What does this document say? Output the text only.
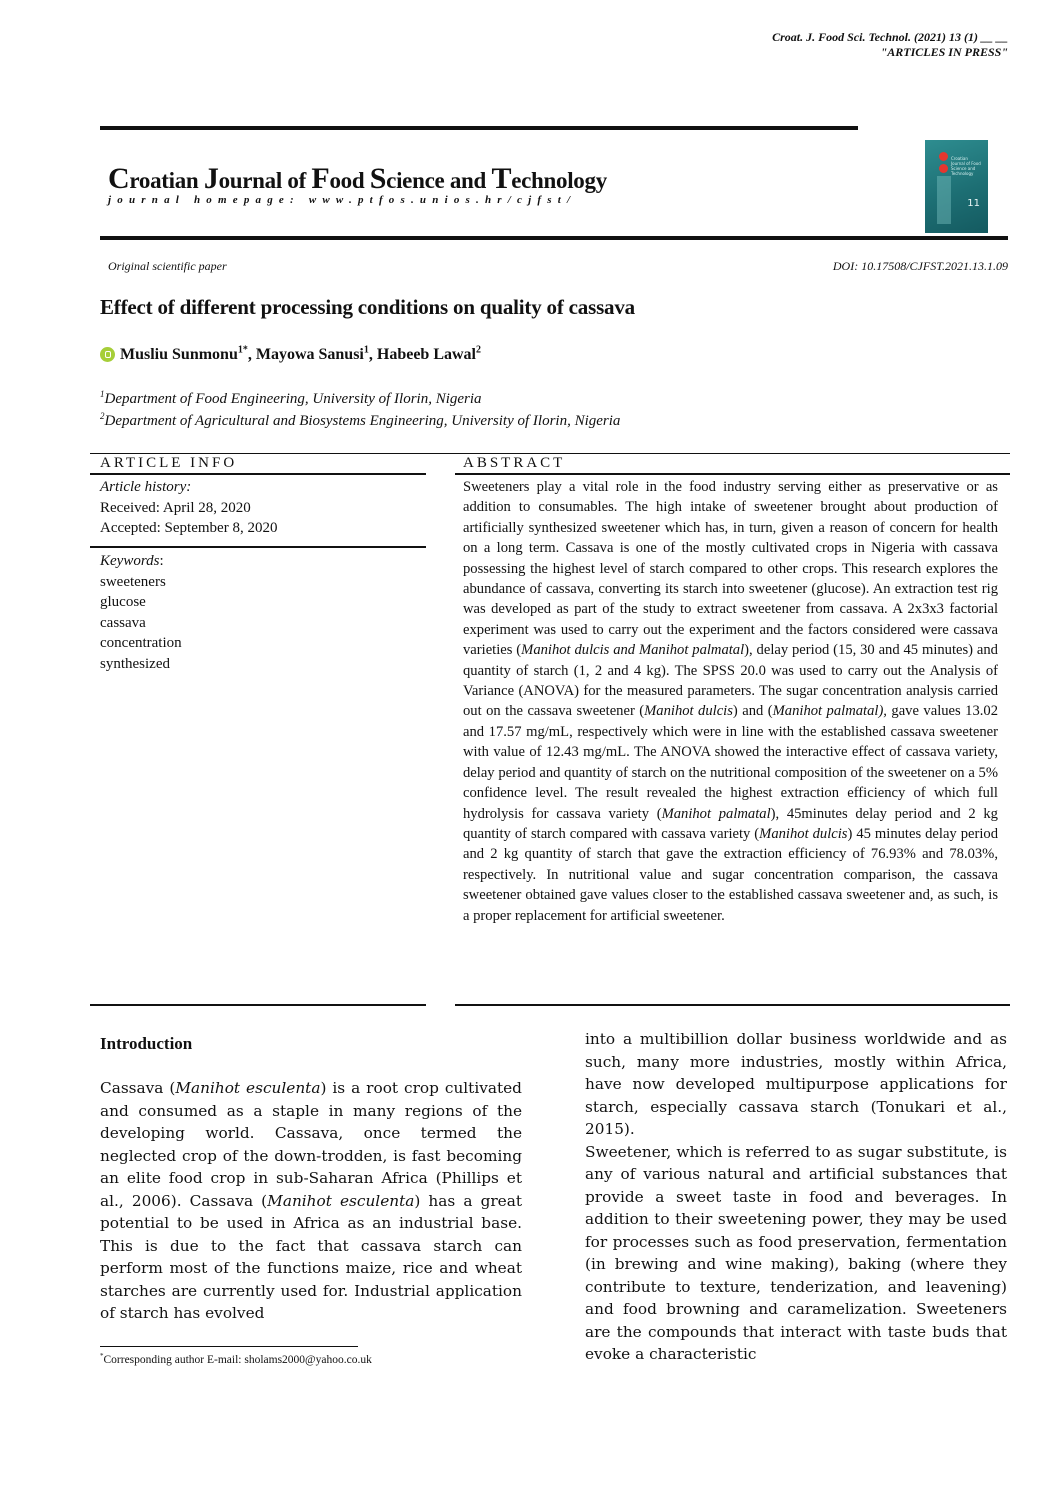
Croat. J. Food Sci. Technol. (2021) 13 (1) __ __
"ARTICLES IN PRESS"
Croatian Journal of Food Science and Technology
journal homepage: www.ptfos.unios.hr/cjfst/
Croatian Journal of Food Science and Technology
11
Original scientific paper	DOI: 10.17508/CJFST.2021.13.1.09
Effect of different processing conditions on quality of cassava
Musliu Sunmonu$^{1*}$, Mayowa Sanusi$^1$, Habeeb Lawal$^2$
$^1$Department of Food Engineering, University of Ilorin, Nigeria
$^2$Department of Agricultural and Biosystems Engineering, University of Ilorin, Nigeria
ARTICLE INFO	ABSTRACT
Article history:
Received: April 28, 2020
Accepted: September 8, 2020
Keywords:
sweeteners
glucose
cassava
concentration
synthesized
Sweeteners play a vital role in the food industry serving either as preservative or as addition to consumables. The high intake of sweetener brought about production of artificially synthesized sweetener which has, in turn, given a reason of concern for health on a long term. Cassava is one of the mostly cultivated crops in Nigeria with cassava possessing the highest level of starch compared to other crops. This research explores the abundance of cassava, converting its starch into sweetener (glucose). An extraction test rig was developed as part of the study to extract sweetener from cassava. A 2x3x3 factorial experiment was used to carry out the experiment and the factors considered were cassava varieties (Manihot dulcis and Manihot palmatal), delay period (15, 30 and 45 minutes) and quantity of starch (1, 2 and 4 kg). The SPSS 20.0 was used to carry out the Analysis of Variance (ANOVA) for the measured parameters. The sugar concentration analysis carried out on the cassava sweetener (Manihot dulcis) and (Manihot palmatal), gave values 13.02 and 17.57 mg/mL, respectively which were in line with the established cassava sweetener with value of 12.43 mg/mL. The ANOVA showed the interactive effect of cassava variety, delay period and quantity of starch on the nutritional composition of the sweetener on a 5% confidence level. The result revealed the highest extraction efficiency of which full hydrolysis for cassava variety (Manihot palmatal), 45minutes delay period and 2 kg quantity of starch compared with cassava variety (Manihot dulcis) 45 minutes delay period and 2 kg quantity of starch that gave the extraction efficiency of 76.93% and 78.03%, respectively. In nutritional value and sugar concentration comparison, the cassava sweetener obtained gave values closer to the established cassava sweetener and, as such, is a proper replacement for artificial sweetener.
Introduction

Cassava (Manihot esculenta) is a root crop cultivated and consumed as a staple in many regions of the developing world. Cassava, once termed the neglected crop of the down-trodden, is fast becoming an elite food crop in sub-Saharan Africa (Phillips et al., 2006). Cassava (Manihot esculenta) has a great potential to be used in Africa as an industrial base. This is due to the fact that cassava starch can perform most of the functions maize, rice and wheat starches are currently used for. Industrial application of starch has evolved

into a multibillion dollar business worldwide and as such, many more industries, mostly within Africa, have now developed multipurpose applications for starch, especially cassava starch (Tonukari et al., 2015).

Sweetener, which is referred to as sugar substitute, is any of various natural and artificial substances that provide a sweet taste in food and beverages. In addition to their sweetening power, they may be used for processes such as food preservation, fermentation (in brewing and wine making), baking (where they contribute to texture, tenderization, and leavening) and food browning and caramelization. Sweeteners are the compounds that interact with taste buds that evoke a characteristic

*Corresponding author E-mail: sholams2000@yahoo.co.uk
